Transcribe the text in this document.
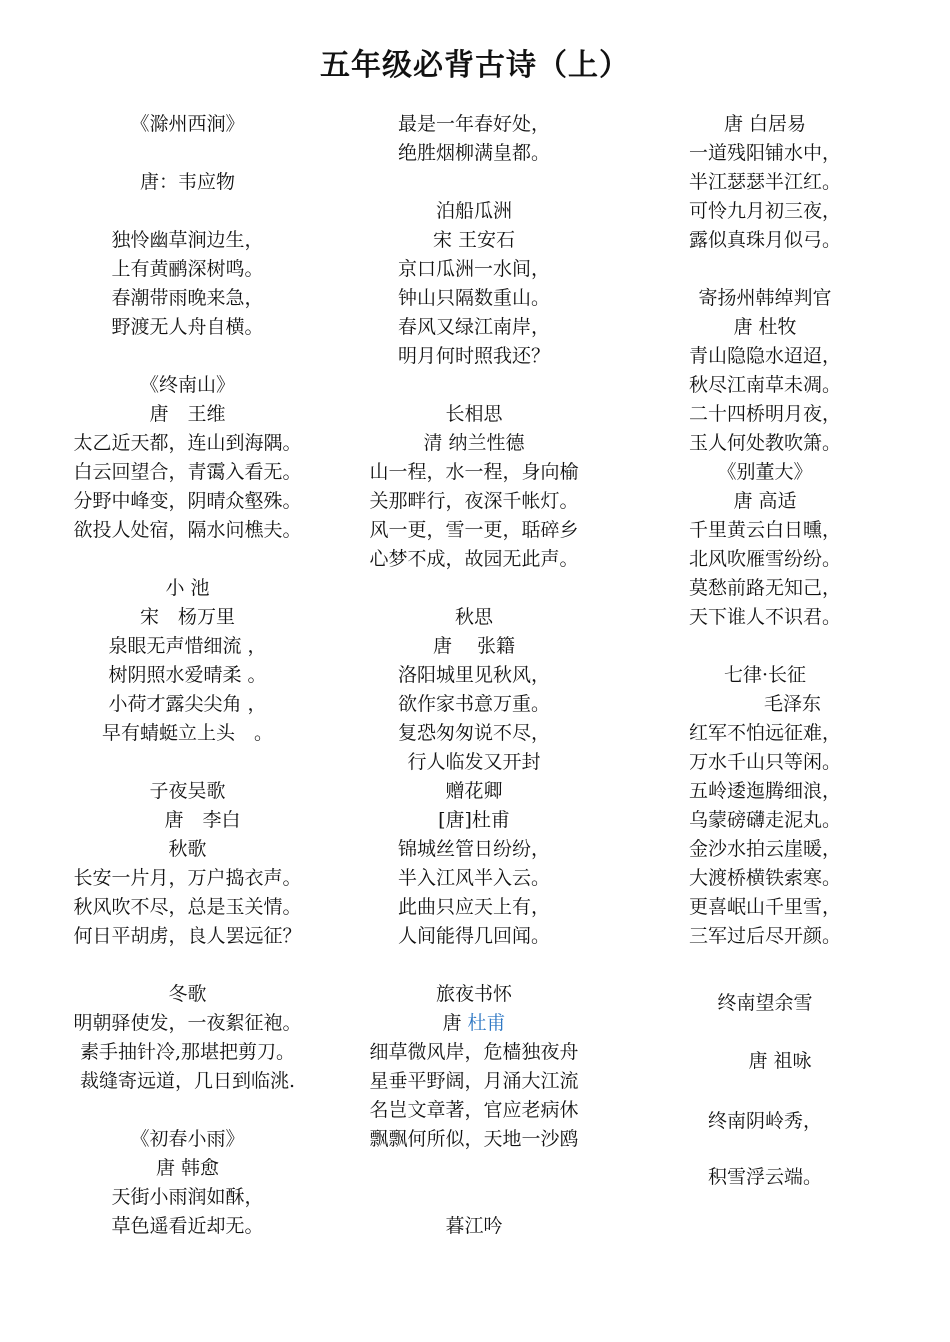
五年级必背古诗（上）
《滁州西涧》
唐：韦应物
独怜幽草涧边生，
上有黄鹂深树鸣。
春潮带雨晚来急，
野渡无人舟自横。
《终南山》
唐　王维
太乙近天都，连山到海隅。
白云回望合，青霭入看无。
分野中峰变，阴晴众壑殊。
欲投人处宿，隔水问樵夫。
小 池
宋　杨万里
泉眼无声惜细流 ，
树阴照水爱晴柔 。
小荷才露尖尖角 ，
早有蜻蜓立上头　。
子夜吴歌
唐　李白
秋歌
长安一片月，万户捣衣声。
秋风吹不尽，总是玉关情。
何日平胡虏，良人罢远征？
冬歌
明朝驿使发，一夜絮征袍。
素手抽针冷,那堪把剪刀。
裁缝寄远道，几日到临洮.
《初春小雨》
唐 韩愈
天街小雨润如酥，
草色遥看近却无。
最是一年春好处，
绝胜烟柳满皇都。
泊船瓜洲
宋 王安石
京口瓜洲一水间，
钟山只隔数重山。
春风又绿江南岸，
明月何时照我还？
长相思
清 纳兰性德
山一程，水一程，身向榆
关那畔行，夜深千帐灯。
风一更，雪一更，聒碎乡
心梦不成，故园无此声。
秋思
唐　 张籍
洛阳城里见秋风，
欲作家书意万重。
复恐匆匆说不尽，
行人临发又开封
赠花卿
[唐]杜甫
锦城丝管日纷纷，
半入江风半入云。
此曲只应天上有，
人间能得几回闻。
旅夜书怀
唐 杜甫
细草微风岸，危樯独夜舟
星垂平野阔，月涌大江流
名岂文章著，官应老病休
飘飘何所似，天地一沙鸥
暮江吟
唐 白居易
一道残阳铺水中，
半江瑟瑟半江红。
可怜九月初三夜，
露似真珠月似弓。
寄扬州韩绰判官
唐 杜牧
青山隐隐水迢迢，
秋尽江南草未凋。
二十四桥明月夜，
玉人何处教吹箫。
《别董大》
唐 高适
千里黄云白日曛，
北风吹雁雪纷纷。
莫愁前路无知己，
天下谁人不识君。
七律·长征
毛泽东
红军不怕远征难，
万水千山只等闲。
五岭逶迤腾细浪，
乌蒙磅礴走泥丸。
金沙水拍云崖暖，
大渡桥横铁索寒。
更喜岷山千里雪，
三军过后尽开颜。
终南望余雪
唐 祖咏
终南阴岭秀，
积雪浮云端。
